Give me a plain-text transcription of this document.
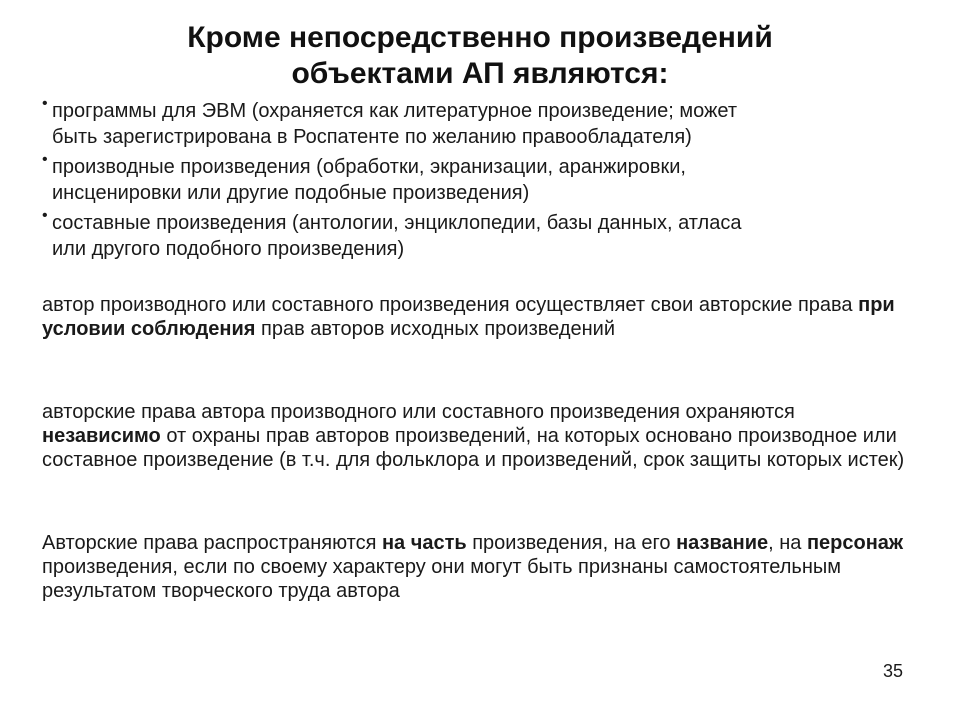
Кроме непосредственно произведений
объектами АП являются:
• программы для ЭВМ (охраняется как литературное произведение; может
быть зарегистрирована в Роспатенте по желанию правообладателя)
• производные произведения (обработки, экранизации, аранжировки,
инсценировки или другие подобные произведения)
• составные произведения (антологии, энциклопедии, базы данных, атласа
или другого подобного произведения)

автор производного или составного произведения осуществляет свои авторские права при условии соблюдения прав авторов исходных произведений

авторские права автора производного или составного произведения охраняются независимо от охраны прав авторов произведений, на которых основано производное или составное произведение (в т.ч. для фольклора и произведений, срок защиты которых истек)

Авторские права распространяются на часть произведения, на его название, на персонаж произведения, если по своему характеру они могут быть признаны самостоятельным результатом творческого труда автора

35
